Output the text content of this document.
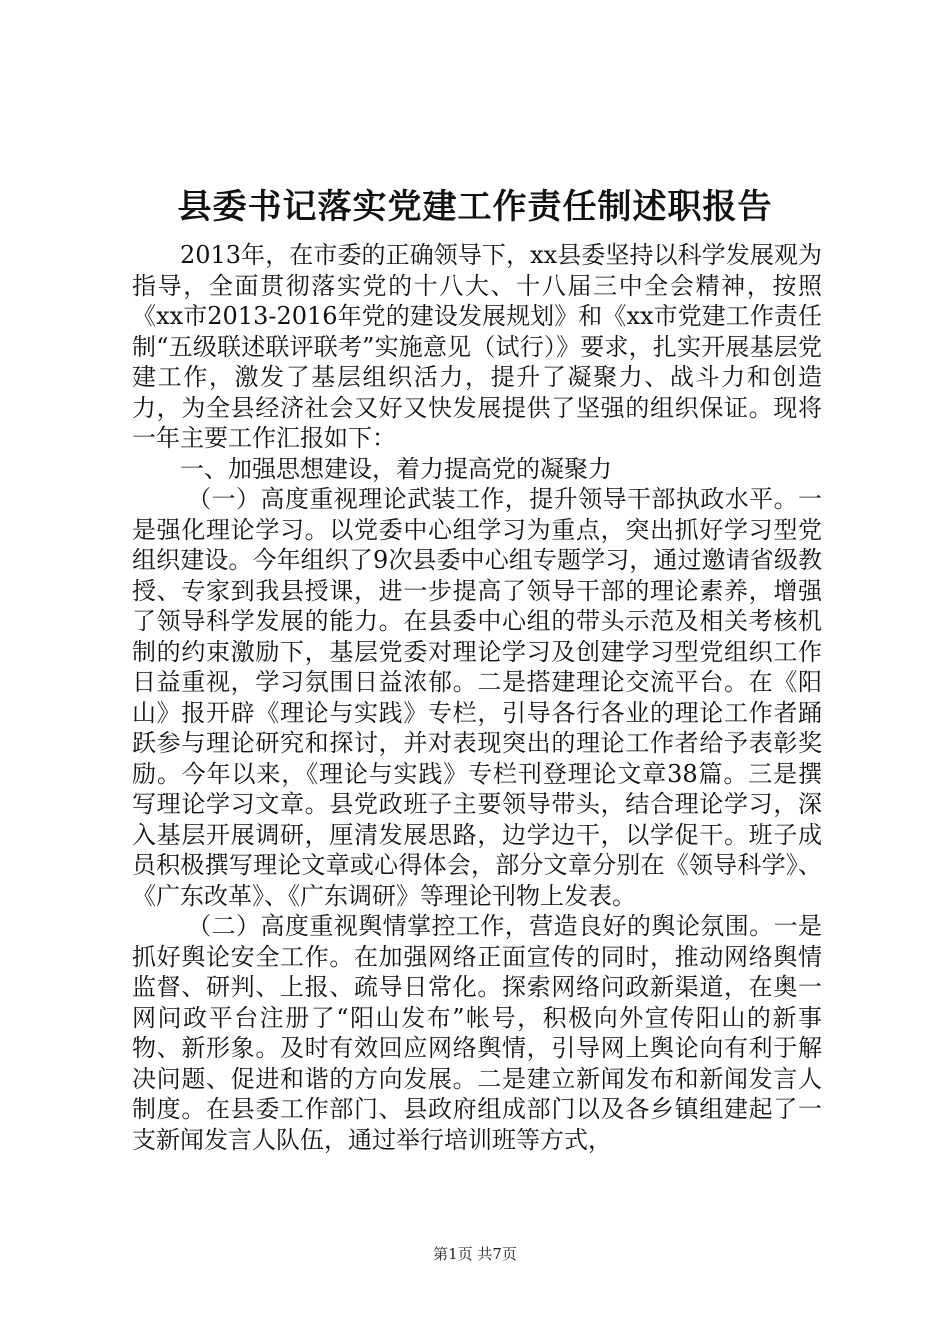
县委书记落实党建工作责任制述职报告

2013年，在市委的正确领导下，xx县委坚持以科学发展观为指导，全面贯彻落实党的十八大、十八届三中全会精神，按照《xx市2013-2016年党的建设发展规划》和《xx市党建工作责任制“五级联述联评联考”实施意见（试行）》要求，扎实开展基层党建工作，激发了基层组织活力，提升了凝聚力、战斗力和创造力，为全县经济社会又好又快发展提供了坚强的组织保证。现将一年主要工作汇报如下：

一、加强思想建设，着力提高党的凝聚力

（一）高度重视理论武装工作，提升领导干部执政水平。一是强化理论学习。以党委中心组学习为重点，突出抓好学习型党组织建设。今年组织了9次县委中心组专题学习，通过邀请省级教授、专家到我县授课，进一步提高了领导干部的理论素养，增强了领导科学发展的能力。在县委中心组的带头示范及相关考核机制的约束激励下，基层党委对理论学习及创建学习型党组织工作日益重视，学习氛围日益浓郁。二是搭建理论交流平台。在《阳山》报开辟《理论与实践》专栏，引导各行各业的理论工作者踊跃参与理论研究和探讨，并对表现突出的理论工作者给予表彰奖励。今年以来，《理论与实践》专栏刊登理论文章38篇。三是撰写理论学习文章。县党政班子主要领导带头，结合理论学习，深入基层开展调研，厘清发展思路，边学边干，以学促干。班子成员积极撰写理论文章或心得体会，部分文章分别在《领导科学》、《广东改革》、《广东调研》等理论刊物上发表。

（二）高度重视舆情掌控工作，营造良好的舆论氛围。一是抓好舆论安全工作。在加强网络正面宣传的同时，推动网络舆情监督、研判、上报、疏导日常化。探索网络问政新渠道，在奥一网问政平台注册了“阳山发布”帐号，积极向外宣传阳山的新事物、新形象。及时有效回应网络舆情，引导网上舆论向有利于解决问题、促进和谐的方向发展。二是建立新闻发布和新闻发言人制度。在县委工作部门、县政府组成部门以及各乡镇组建起了一支新闻发言人队伍，通过举行培训班等方式，

第1页 共7页
